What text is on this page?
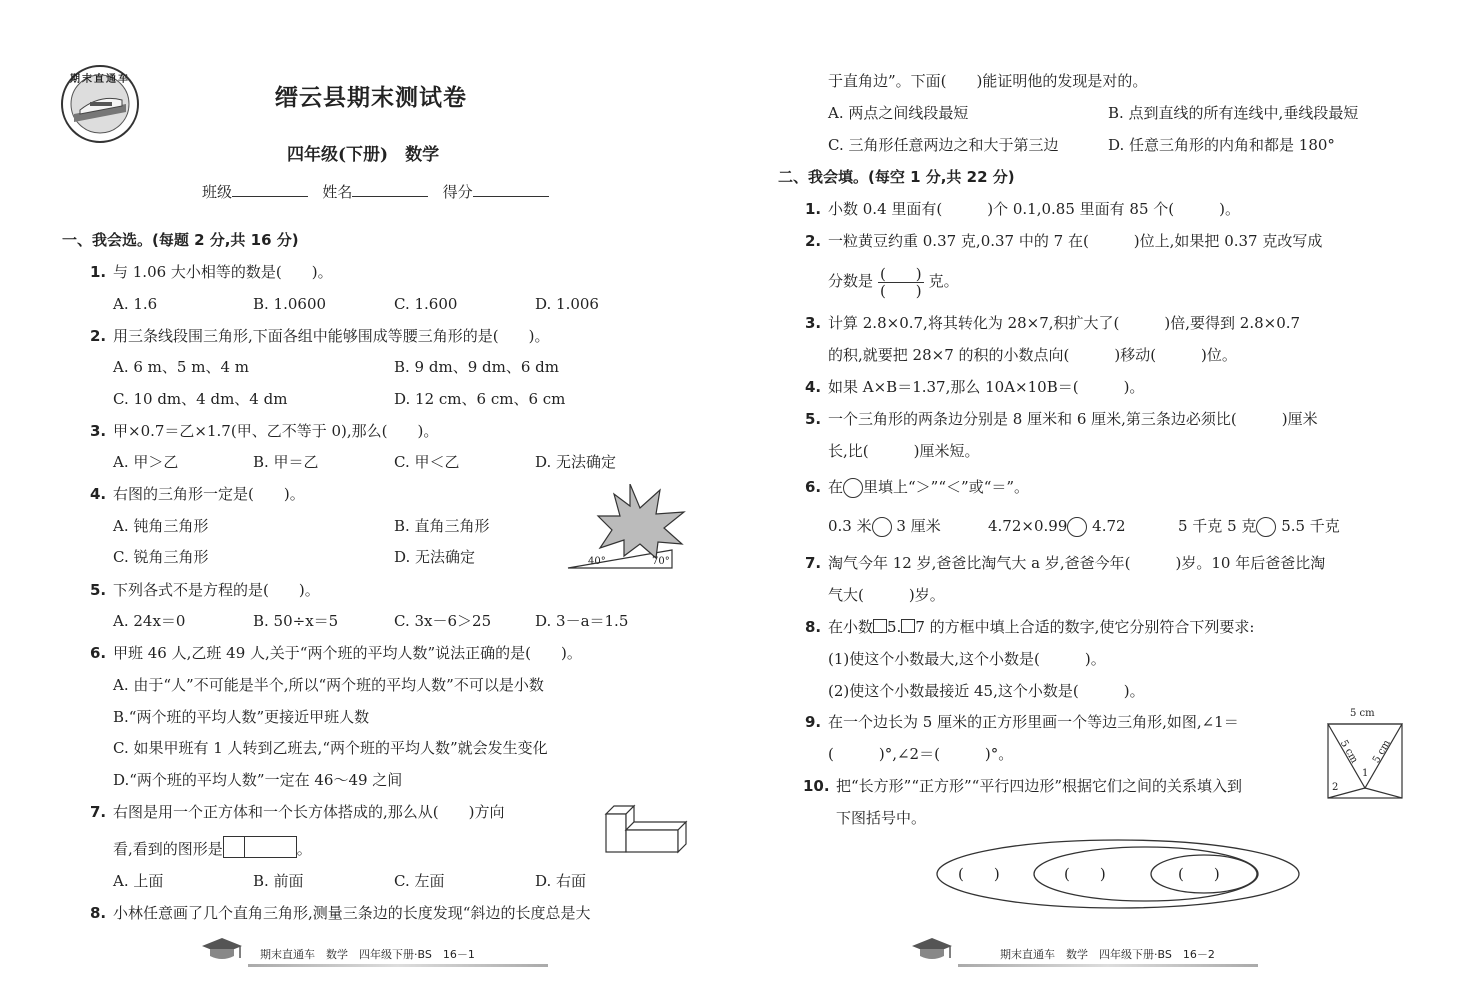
期末直通车
缙云县期末测试卷
四年级(下册)　数学
班级	姓名	得分
一、我会选。(每题 2 分,共 16 分)
1. 与 1.06 大小相等的数是(　　)。
A. 1.6	B. 1.0600	C. 1.600	D. 1.006
2. 用三条线段围三角形,下面各组中能够围成等腰三角形的是(　　)。
A. 6 m、5 m、4 m	B. 9 dm、9 dm、6 dm
C. 10 dm、4 dm、4 dm	D. 12 cm、6 cm、6 cm
3. 甲×0.7＝乙×1.7(甲、乙不等于 0),那么(　　)。
A. 甲＞乙	B. 甲＝乙	C. 甲＜乙	D. 无法确定
4. 右图的三角形一定是(　　)。
A. 钝角三角形	B. 直角三角形
C. 锐角三角形	D. 无法确定	40°	70°
5. 下列各式不是方程的是(　　)。
A. 24x＝0	B. 50÷x＝5	C. 3x－6＞25	D. 3－a＝1.5
6. 甲班 46 人,乙班 49 人,关于“两个班的平均人数”说法正确的是(　　)。
A. 由于“人”不可能是半个,所以“两个班的平均人数”不可以是小数
B.“两个班的平均人数”更接近甲班人数
C. 如果甲班有 1 人转到乙班去,“两个班的平均人数”就会发生变化
D.“两个班的平均人数”一定在 46～49 之间
7. 右图是用一个正方体和一个长方体搭成的,那么从(　　)方向
看,看到的图形是	。
A. 上面	B. 前面	C. 左面	D. 右面
8. 小林任意画了几个直角三角形,测量三条边的长度发现“斜边的长度总是大
期末直通车　数学　四年级下册·BS　16－1
于直角边”。下面(　　)能证明他的发现是对的。
A. 两点之间线段最短	B. 点到直线的所有连线中,垂线段最短
C. 三角形任意两边之和大于第三边	D. 任意三角形的内角和都是 180°
二、我会填。(每空 1 分,共 22 分)
1. 小数 0.4 里面有(　　　)个 0.1,0.85 里面有 85 个(　　　)。
2. 一粒黄豆约重 0.37 克,0.37 中的 7 在(　　　)位上,如果把 0.37 克改写成
分数是 $\frac{( )}{( )}$ 克。
3. 计算 2.8×0.7,将其转化为 28×7,积扩大了(　　　)倍,要得到 2.8×0.7
的积,就要把 28×7 的积的小数点向(　　　)移动(　　　)位。
4. 如果 A×B＝1.37,那么 10A×10B＝(　　　)。
5. 一个三角形的两条边分别是 8 厘米和 6 厘米,第三条边必须比(　　　)厘米
长,比(　　　)厘米短。
6. 在 里填上“＞”“＜”或“＝”。
0.3 米 3 厘米	4.72×0.99 4.72	5 千克 5 克 5.5 千克
7. 淘气今年 12 岁,爸爸比淘气大 a 岁,爸爸今年(　　　)岁。10 年后爸爸比淘
气大(　　　)岁。
8. 在小数 5. 7 的方框中填上合适的数字,使它分别符合下列要求:
(1)使这个小数最大,这个小数是(　　　)。
(2)使这个小数最接近 45,这个小数是(　　　)。
9. 在一个边长为 5 厘米的正方形里画一个等边三角形,如图,∠1＝
(　　　)°,∠2＝(　　　)°。
5 cm
5 cm 5 cm
1
2
10. 把“长方形”“正方形”“平行四边形”根据它们之间的关系填入到
下图括号中。
(　　)	(　　)	(　　)
期末直通车　数学　四年级下册·BS　16－2
